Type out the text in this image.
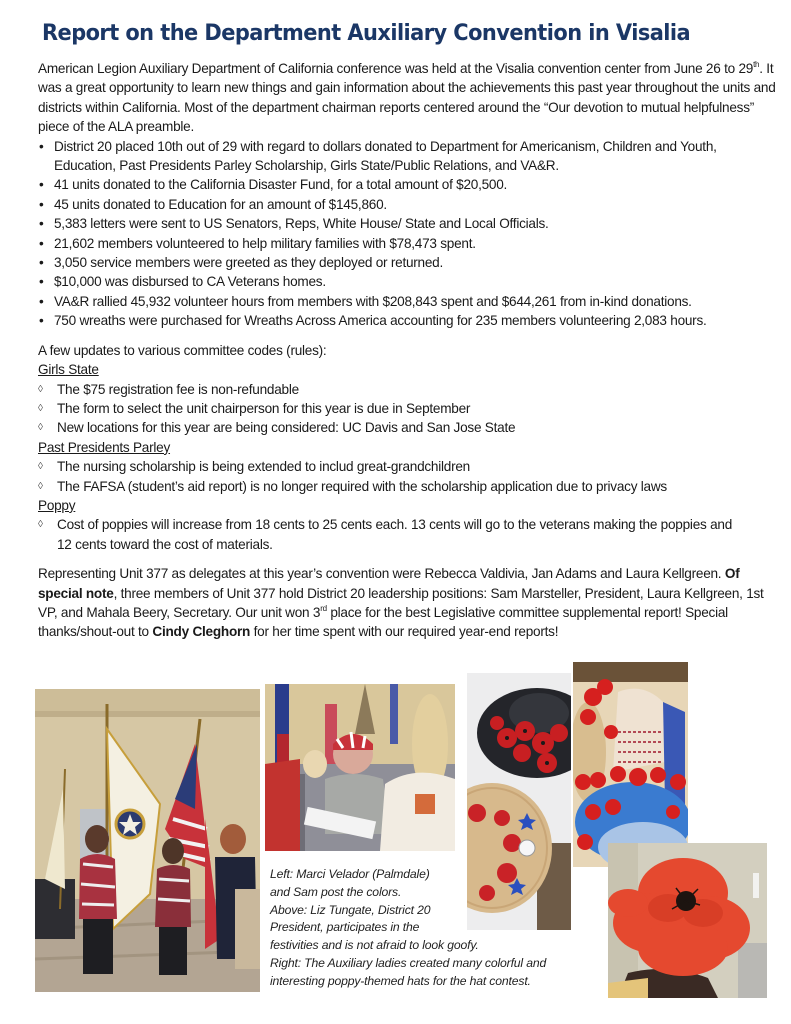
Report on the Department Auxiliary Convention in Visalia

American Legion Auxiliary Department of California conference was held at the Visalia convention center from June 26 to 29th. It was a great opportunity to learn new things and gain information about the achievements this past year throughout the units and districts within California. Most of the department chairman reports centered around the “Our devotion to mutual helpfulness” piece of the ALA preamble.

• District 20 placed 10th out of 29 with regard to dollars donated to Department for Americanism, Children and Youth, Education, Past Presidents Parley Scholarship, Girls State/Public Relations, and VA&R.
• 41 units donated to the California Disaster Fund, for a total amount of $20,500.
• 45 units donated to Education for an amount of $145,860.
• 5,383 letters were sent to US Senators, Reps, White House/ State and Local Officials.
• 21,602 members volunteered to help military families with $78,473 spent.
• 3,050 service members were greeted as they deployed or returned.
• $10,000 was disbursed to CA Veterans homes.
• VA&R rallied 45,932 volunteer hours from members with $208,843 spent and $644,261 from in-kind donations.
• 750 wreaths were purchased for Wreaths Across America accounting for 235 members volunteering 2,083 hours.

A few updates to various committee codes (rules):

Girls State

◊ The $75 registration fee is non-refundable
◊ The form to select the unit chairperson for this year is due in September
◊ New locations for this year are being considered: UC Davis and San Jose State

Past Presidents Parley

◊ The nursing scholarship is being extended to includ great-grandchildren
◊ The FAFSA (student’s aid report) is no longer required with the scholarship application due to privacy laws

Poppy

◊ Cost of poppies will increase from 18 cents to 25 cents each. 13 cents will go to the veterans making the poppies and 12 cents toward the cost of materials.

Representing Unit 377 as delegates at this year’s convention were Rebecca Valdivia, Jan Adams and Laura Kellgreen. Of special note, three members of Unit 377 hold District 20 leadership positions: Sam Marsteller, President, Laura Kellgreen, 1st VP, and Mahala Beery, Secretary. Our unit won 3rd place for the best Legislative committee supplemental report! Special thanks/shout-out to Cindy Cleghorn for her time spent with our required year-end reports!

Left: Marci Velador (Palmdale)
and Sam post the colors.
Above: Liz Tungate, District 20
President, participates in the
festivities and is not afraid to look goofy.
Right: The Auxiliary ladies created many colorful and
interesting poppy-themed hats for the hat contest.
